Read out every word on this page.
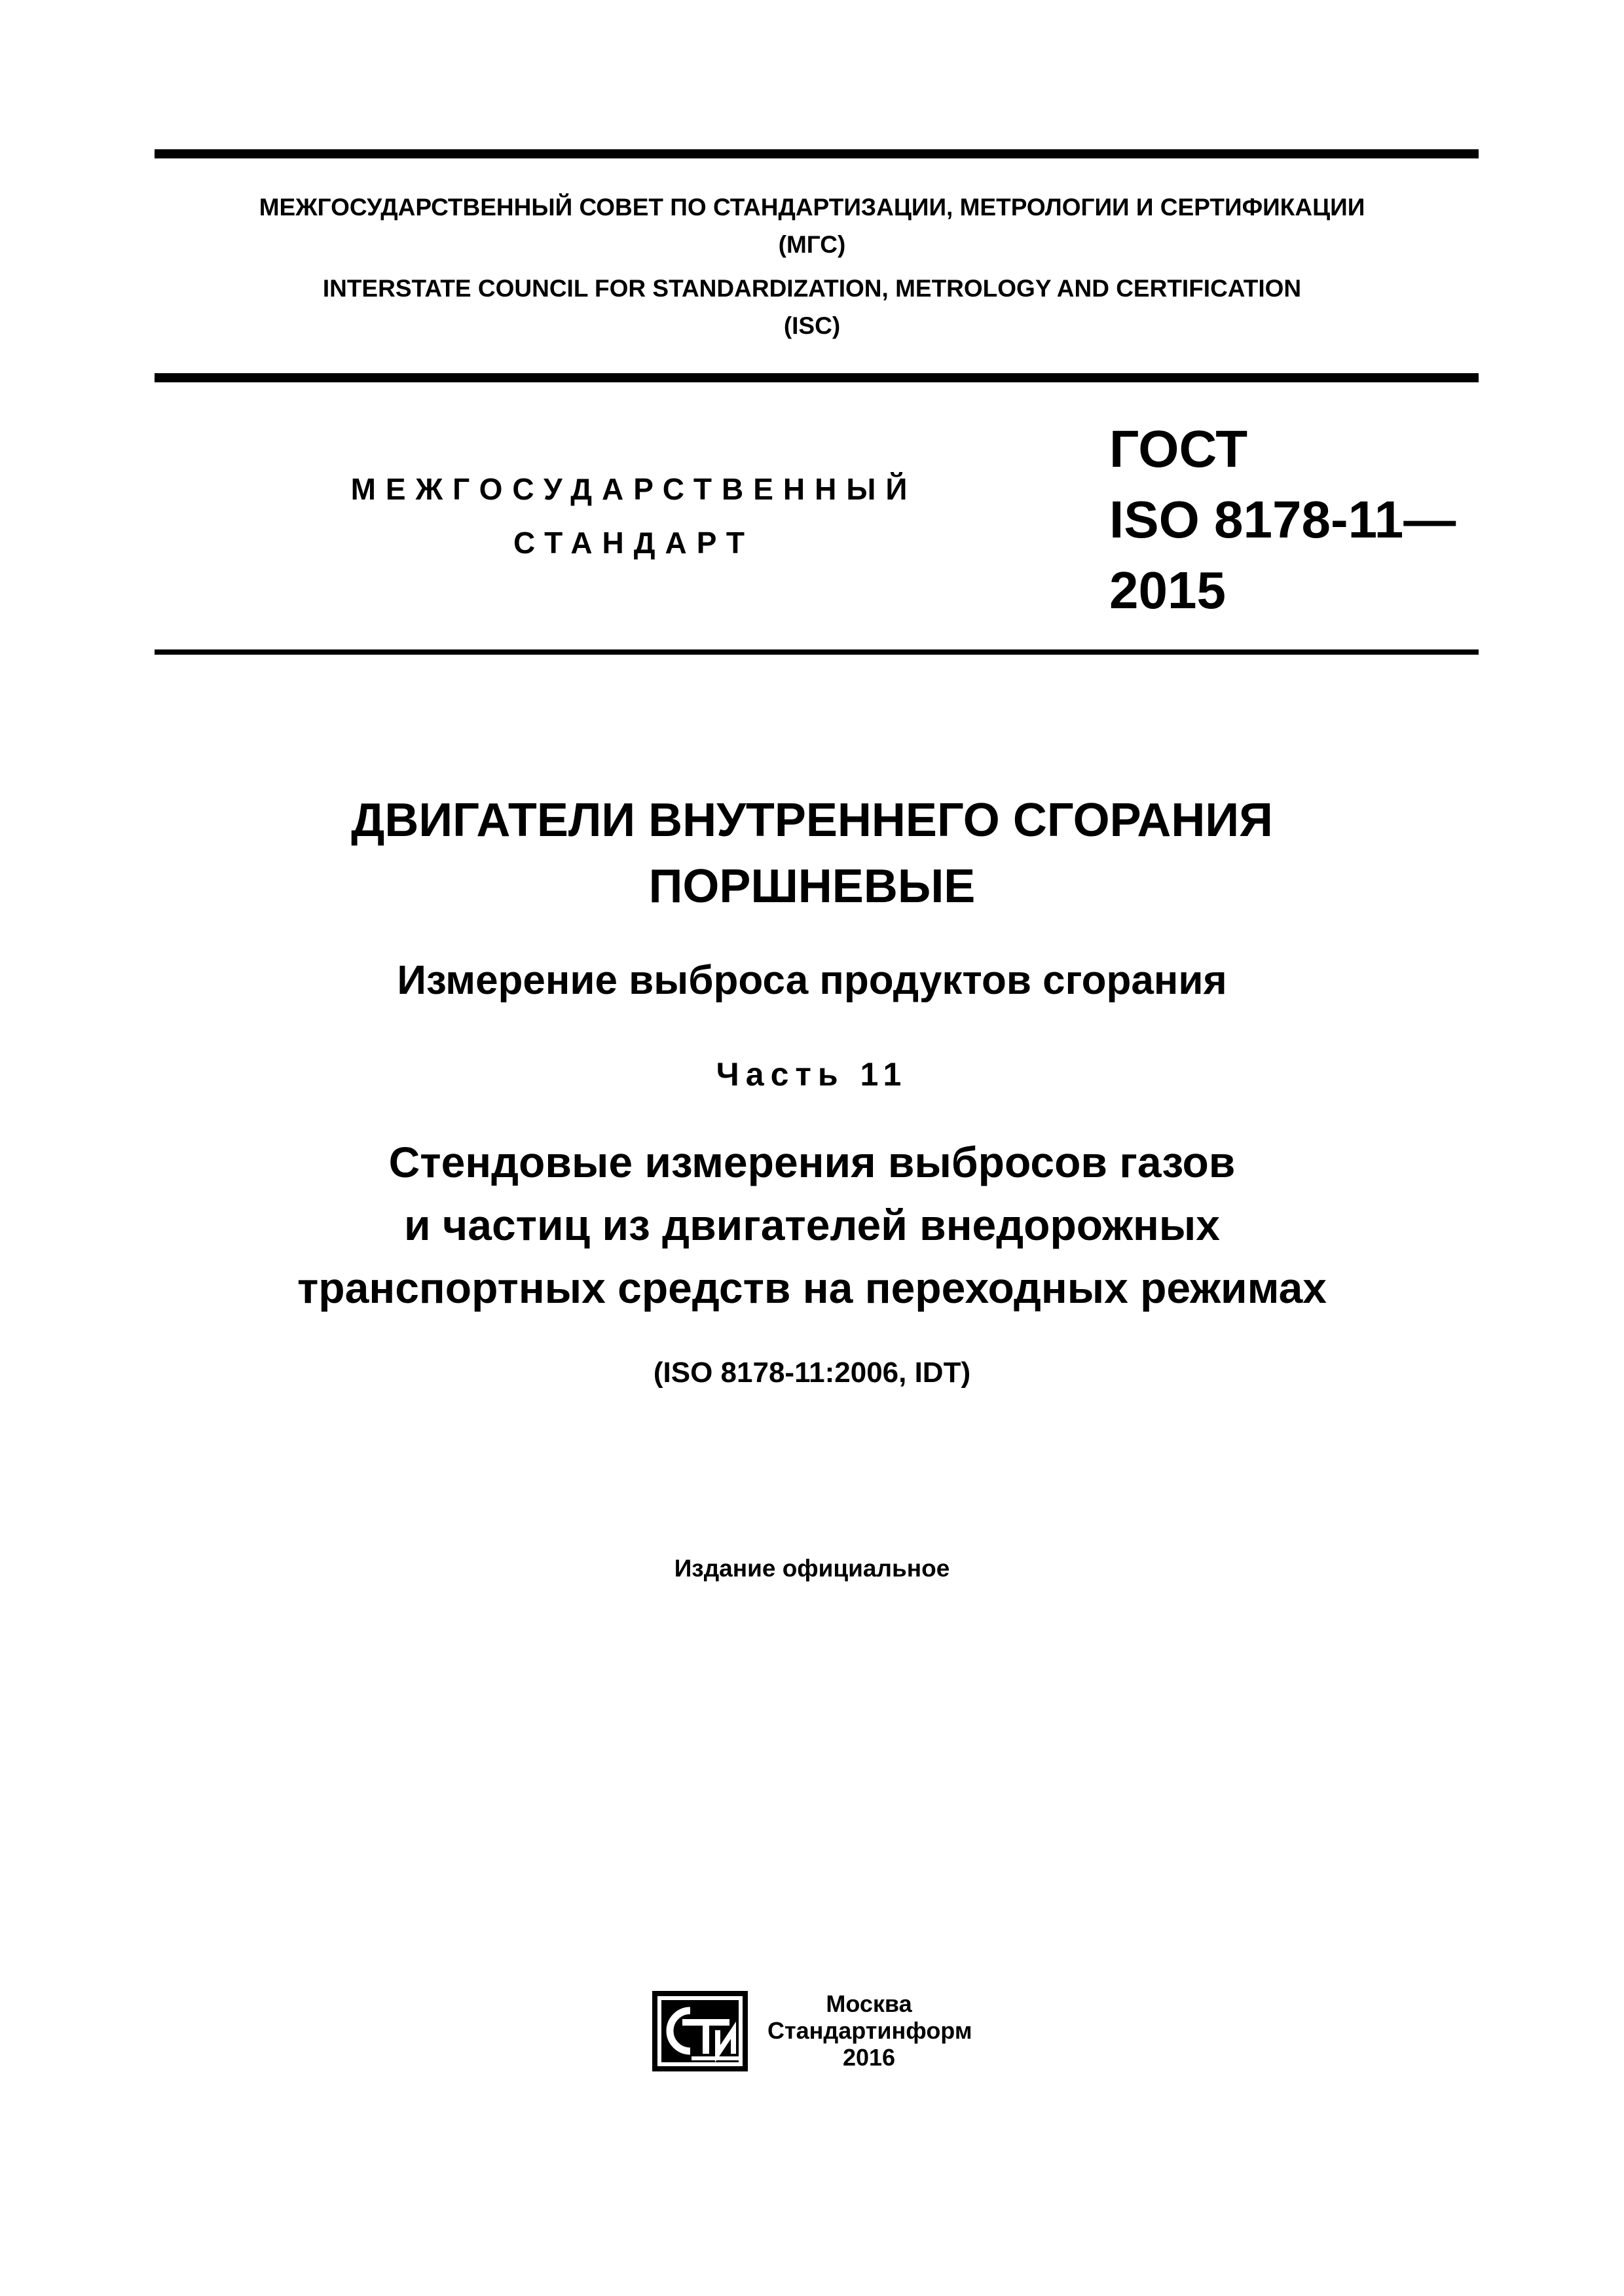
МЕЖГОСУДАРСТВЕННЫЙ СОВЕТ ПО СТАНДАРТИЗАЦИИ, МЕТРОЛОГИИ И СЕРТИФИКАЦИИ
(МГС)
INTERSTATE COUNCIL FOR STANDARDIZATION, METROLOGY AND CERTIFICATION
(ISC)
МЕЖГОСУДАРСТВЕННЫЙ
СТАНДАРТ
ГОСТ
ISO 8178-11—
2015
ДВИГАТЕЛИ ВНУТРЕННЕГО СГОРАНИЯ
ПОРШНЕВЫЕ
Измерение выброса продуктов сгорания
Часть 11
Стендовые измерения выбросов газов
и частиц из двигателей внедорожных
транспортных средств на переходных режимах
(ISO 8178-11:2006, IDT)
Издание официальное
Москва
Стандартинформ
2016
